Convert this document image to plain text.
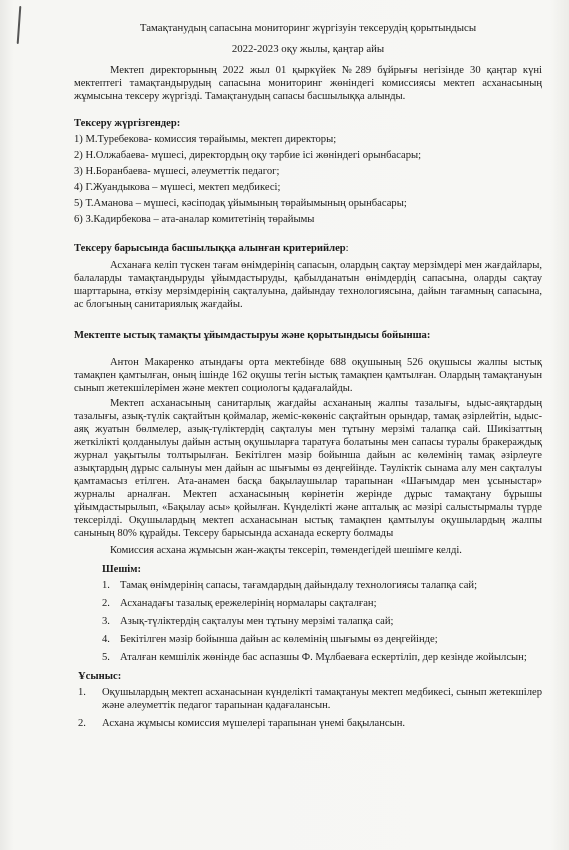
Тамақтанудың сапасына мониторинг жүргізуін тексерудің қорытындысы

2022-2023 оқу жылы, қаңтар айы

Мектеп директорының 2022 жыл 01 қыркүйек №289 бұйрығы негізінде 30 қаңтар күні мектептегі тамақтандырудың сапасына мониторинг жөніндегі комиссиясы мектеп асханасының жұмысына тексеру жүргізді. Тамақтанудың сапасы басшылыққа алынды.

Тексеру жүргізгендер:
1) М.Туребекова- комиссия төрайымы, мектеп директоры;
2) Н.Олжабаева- мүшесі, директордың оқу тәрбие ісі жөніндегі орынбасары;
3) Н.Боранбаева- мүшесі, әлеуметтік педагог;
4) Г.Жуандыкова – мүшесі, мектеп медбикесі;
5) Т.Аманова – мүшесі, кәсіподақ ұйымының төрайымының орынбасары;
6) З.Кадирбекова – ата-аналар комитетінің төрайымы
Тексеру барысында басшылыққа алынған критерийлер:

Асханаға келіп түскен тағам өнімдерінің сапасын, олардың сақтау мерзімдері мен жағдайлары, балаларды тамақтандыруды ұйымдастыруды, қабылданатын өнімдердің сапасына, оларды сақтау шарттарына, өткізу мерзімдерінің сақталуына, дайындау технологиясына, дайын тағамның сапасына, ас блогының санитариялық жағдайы.

Мектепте ыстық тамақты ұйымдастыруы және қорытындысы бойынша:

Антон Макаренко атындағы орта мектебінде 688 оқушының 526 оқушысы жалпы ыстық тамақпен қамтылған, оның ішінде 162 оқушы тегін ыстық тамақпен қамтылған. Олардың тамақтануын сынып жетекшілерімен және мектеп социологы қадағалайды.

Мектеп асханасының санитарлық жағдайы асхананың жалпы тазалығы, ыдыс-аяқтардың тазалығы, азық-түлік сақтайтын қоймалар, жеміс-көкөніс сақтайтын орындар, тамақ әзірлейтін, ыдыс-аяқ жуатын бөлмелер, азық-түліктердің сақталуы мен тұтыну мерзімі талапқа сай. Шикізаттың жеткілікті қолданылуы дайын астың оқушыларға таратуға болатыны мен сапасы туралы бракераждық журнал уақытылы толтырылған. Бекітілген мәзір бойынша дайын ас көлемінің тамақ әзірлеуге азықтардың дұрыс салынуы мен дайын ас шығымы өз деңгейінде. Тәуліктік сынама алу мен сақталуы қамтамасыз етілген. Ата-анамен басқа бақылаушылар тарапынан «Шағымдар мен ұсыныстар» журналы арналған. Мектеп асханасының көрінетін жерінде дұрыс тамақтану бұрышы ұйымдастырылып, «Бақылау асы» қойылған. Күнделікті және апталық ас мәзірі салыстырмалы түрде тексерілді. Оқушылардың мектеп асханасынан ыстық тамақпен қамтылуы оқушылардың жалпы санының 80% құрайды. Тексеру барысында асханада ескерту болмады

Комиссия асхана жұмысын жан-жақты тексеріп, төмендегідей шешімге келді.

Шешім:
1. Тамақ өнімдерінің сапасы, тағамдардың дайындалу технологиясы талапқа сай;
2. Асханадағы тазалық ережелерінің нормалары сақталған;
3. Азық-түліктердің сақталуы мен тұтыну мерзімі талапқа сай;
4. Бекітілген мәзір бойынша дайын ас көлемінің шығымы өз деңгейінде;
5. Аталған кемшілік жөнінде бас аспазшы Ф. Мұлбаеваға ескертіліп, дер кезінде жойылсын;
Ұсыныс:
1.	Оқушылардың мектеп асханасынан күнделікті тамақтануы мектеп медбикесі, сынып жетекшілер және әлеуметтік педагог тарапынан қадағалансын.
2.	Асхана жұмысы комиссия мүшелері тарапынан үнемі бақылансын.
